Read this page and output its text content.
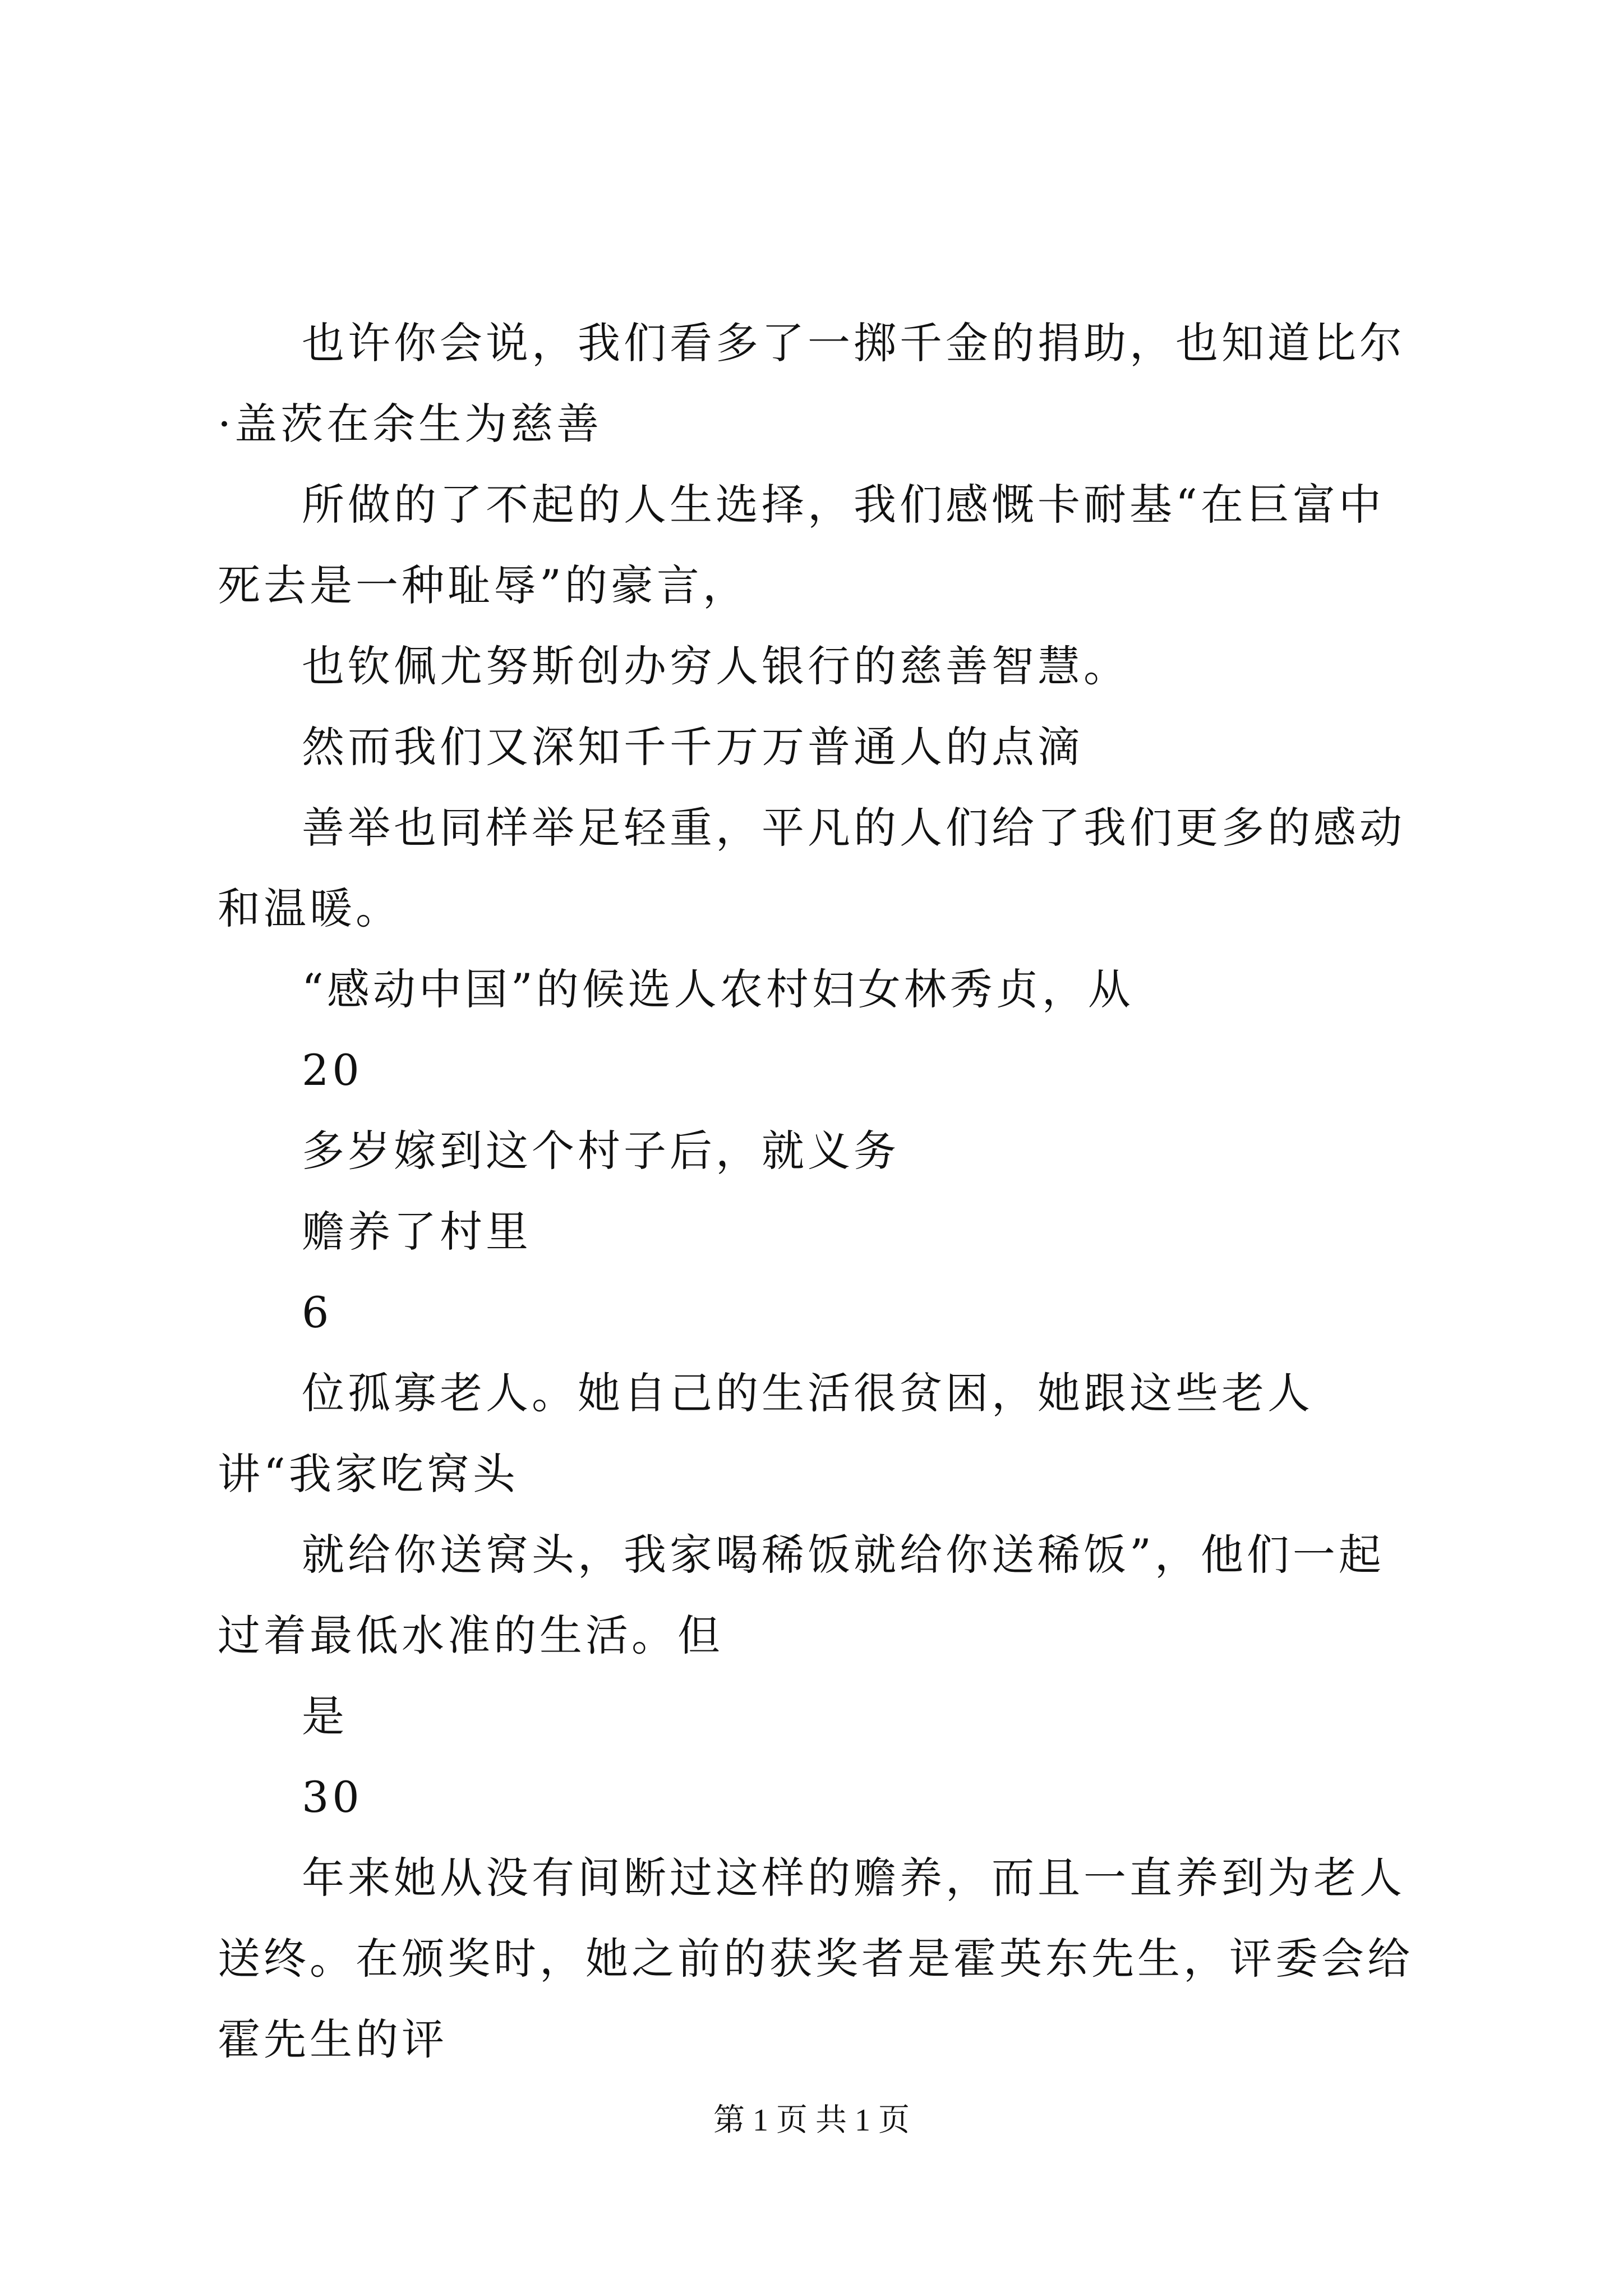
也许你会说，我们看多了一掷千金的捐助，也知道比尔·盖茨在余生为慈善

所做的了不起的人生选择，我们感慨卡耐基“在巨富中死去是一种耻辱”的豪言，

也钦佩尤努斯创办穷人银行的慈善智慧。

然而我们又深知千千万万普通人的点滴

善举也同样举足轻重，平凡的人们给了我们更多的感动和温暖。

“感动中国”的候选人农村妇女林秀贞，从

20

多岁嫁到这个村子后，就义务

赡养了村里

6

位孤寡老人。她自己的生活很贫困，她跟这些老人讲“我家吃窝头

就给你送窝头，我家喝稀饭就给你送稀饭”，他们一起过着最低水准的生活。但

是

30

年来她从没有间断过这样的赡养，而且一直养到为老人送终。在颁奖时，她之前的获奖者是霍英东先生，评委会给霍先生的评

第 1 页 共 1 页
